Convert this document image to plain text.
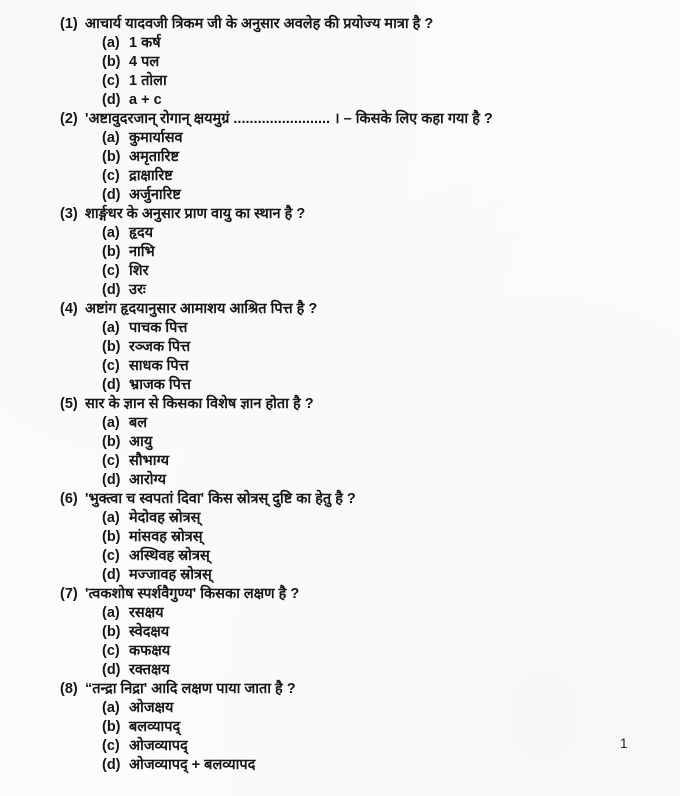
(1) आचार्य यादवजी त्रिकम जी के अनुसार अवलेह की प्रयोज्य मात्रा है ?
(a) 1 कर्ष
(b) 4 पल
(c) 1 तोला
(d) a + c
(2) 'अष्टावुदरजान् रोगान् क्षयमुग्रं ........................ । – किसके लिए कहा गया है ?
(a) कुमार्यासव
(b) अमृतारिष्ट
(c) द्राक्षारिष्ट
(d) अर्जुनारिष्ट
(3) शार्ङ्गधर के अनुसार प्राण वायु का स्थान है ?
(a) हृदय
(b) नाभि
(c) शिर
(d) उरः
(4) अष्टांग हृदयानुसार आमाशय आश्रित पित्त है ?
(a) पाचक पित्त
(b) रञ्जक पित्त
(c) साधक पित्त
(d) भ्राजक पित्त
(5) सार के ज्ञान से किसका विशेष ज्ञान होता है ?
(a) बल
(b) आयु
(c) सौभाग्य
(d) आरोग्य
(6) 'भुक्त्वा च स्वपतां दिवा' किस स्रोत्रस् दुष्टि का हेतु है ?
(a) मेदोवह स्रोत्रस्
(b) मांसवह स्रोत्रस्
(c) अस्थिवह स्रोत्रस्
(d) मज्जावह स्रोत्रस्
(7) 'त्वकशोष स्पर्शवैगुण्य' किसका लक्षण है ?
(a) रसक्षय
(b) स्वेदक्षय
(c) कफक्षय
(d) रक्तक्षय
(8) “तन्द्रा निद्रा' आदि लक्षण पाया जाता है ?
(a) ओजक्षय
(b) बलव्यापद्
(c) ओजव्यापद्
(d) ओजव्यापद् + बलव्यापद
1
